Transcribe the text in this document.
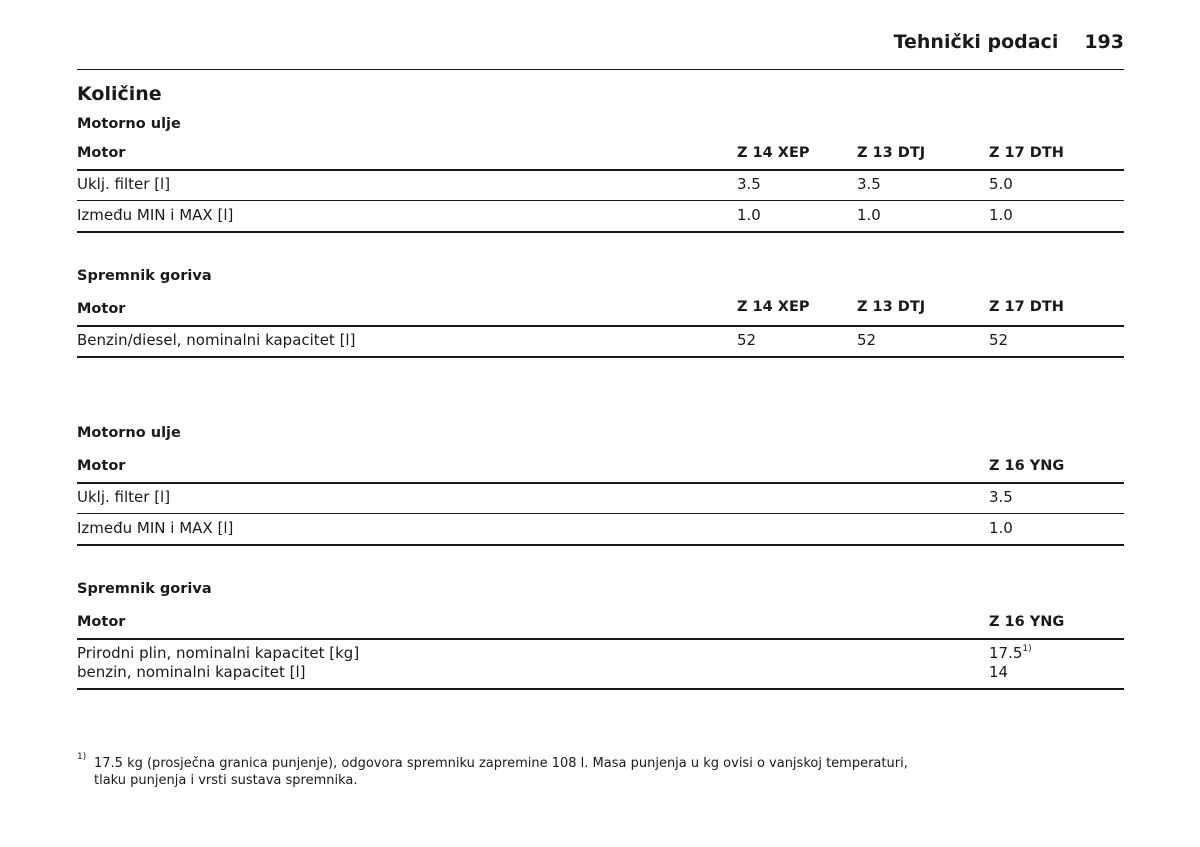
Tehnički podaci 193
Količine
Motorno ulje
Motor	Z 14 XEP	Z 13 DTJ	Z 17 DTH
Uklj. filter [l]	3.5	3.5	5.0
Između MIN i MAX [l]	1.0	1.0	1.0
Spremnik goriva
Motor	Z 14 XEP	Z 13 DTJ	Z 17 DTH
Benzin/diesel, nominalni kapacitet [l]	52	52	52
Motorno ulje
Motor	Z 16 YNG
Uklj. filter [l]	3.5
Između MIN i MAX [l]	1.0
Spremnik goriva
Motor	Z 16 YNG
Prirodni plin, nominalni kapacitet [kg]	17.5$^{1)}$
benzin, nominalni kapacitet [l]	14
1) 17.5 kg (prosječna granica punjenje), odgovora spremniku zapremine 108 l. Masa punjenja u kg ovisi o vanjskoj temperaturi,
tlaku punjenja i vrsti sustava spremnika.
